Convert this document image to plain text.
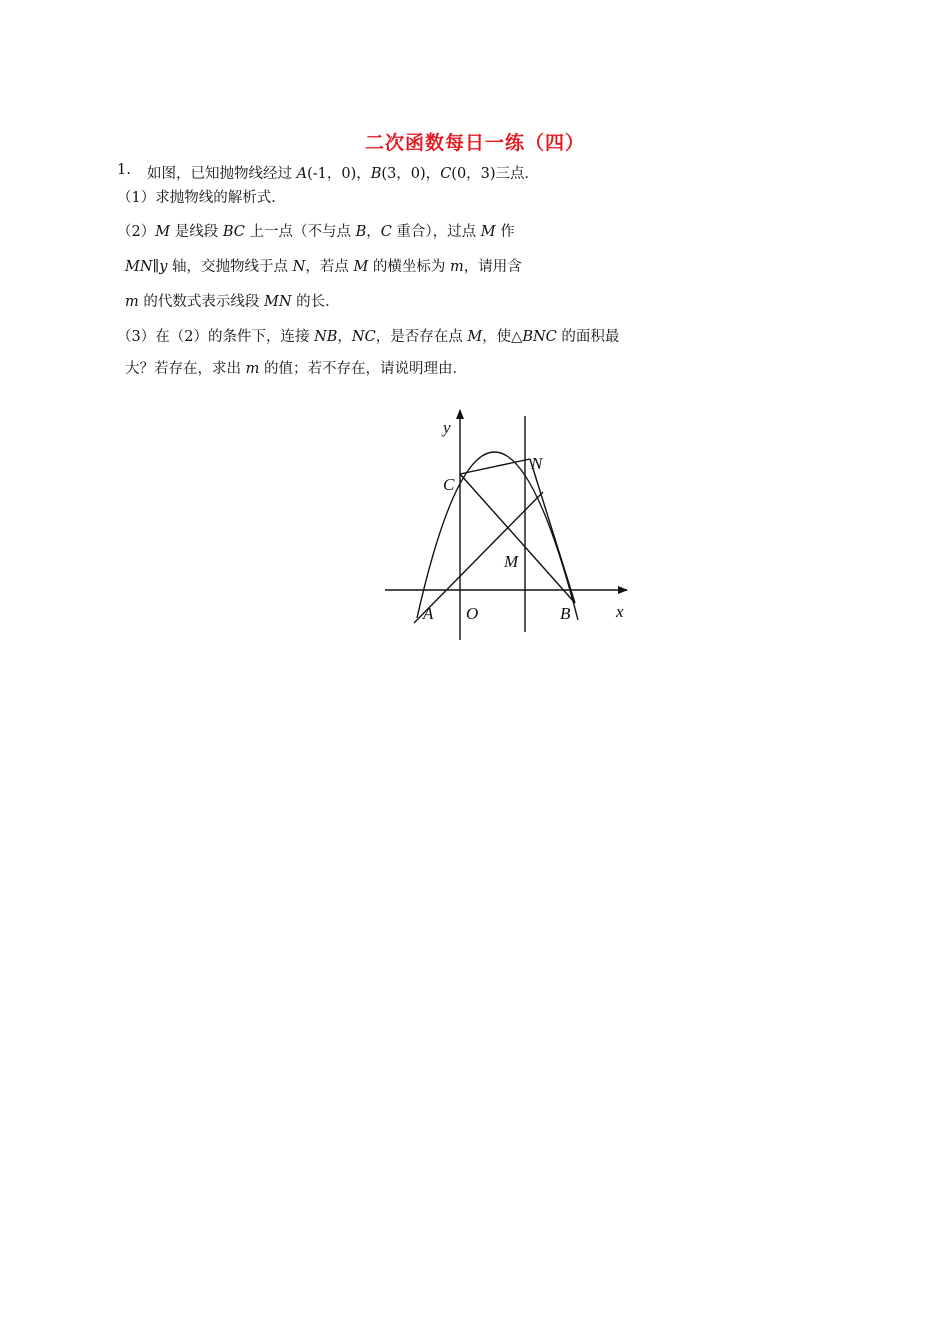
二次函数每日一练（四）
1. 如图，已知抛物线经过 A(-1，0)，B(3，0)，C(0，3)三点．
（1）求抛物线的解析式．
（2）M 是线段 BC 上一点（不与点 B，C 重合），过点 M 作
MN∥y 轴，交抛物线于点 N，若点 M 的横坐标为 m，请用含
m 的代数式表示线段 MN 的长．
（3）在（2）的条件下，连接 NB，NC，是否存在点 M，使△BNC 的面积最
大？若存在，求出 m 的值；若不存在，请说明理由．
y
x
N
C
M
A O	B
